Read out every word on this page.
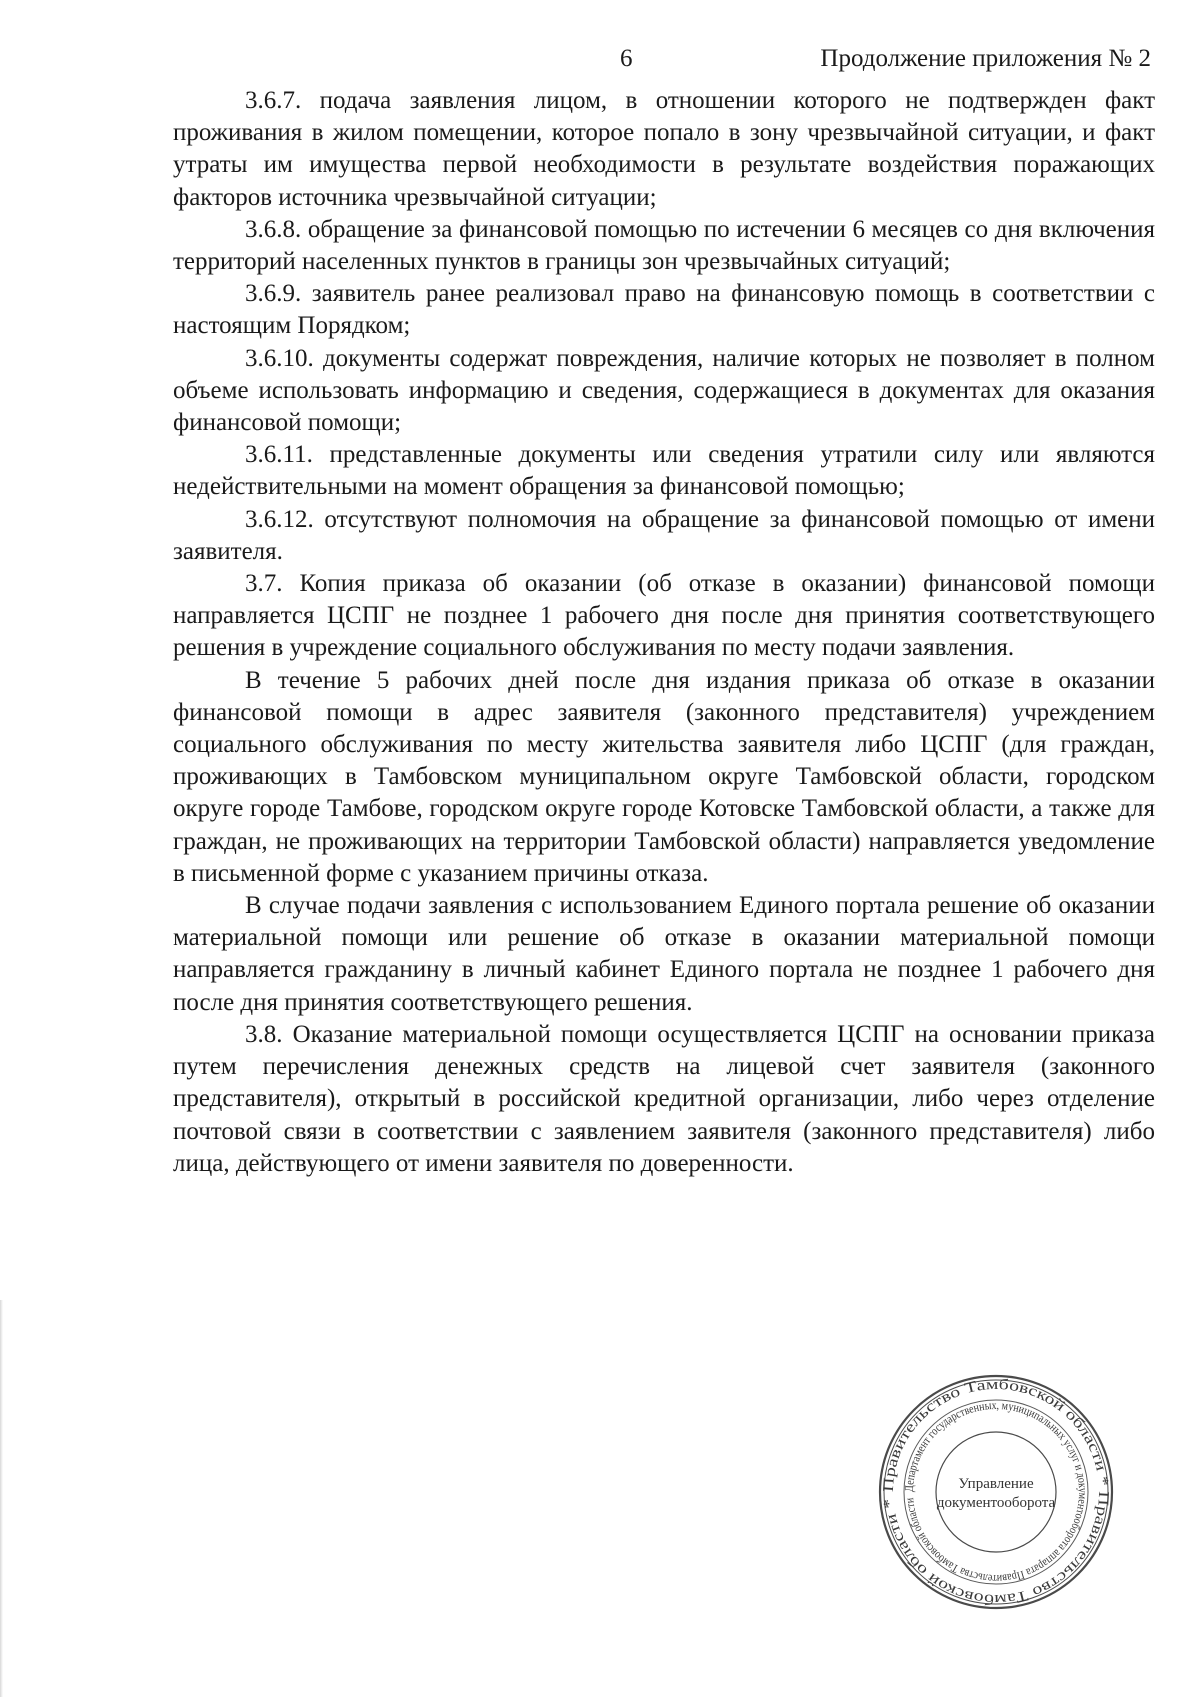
6	Продолжение приложения № 2

3.6.7. подача заявления лицом, в отношении которого не подтвержден факт проживания в жилом помещении, которое попало в зону чрезвычайной ситуации, и факт утраты им имущества первой необходимости в результате воздействия поражающих факторов источника чрезвычайной ситуации;

3.6.8. обращение за финансовой помощью по истечении 6 месяцев со дня включения территорий населенных пунктов в границы зон чрезвычайных ситуаций;

3.6.9. заявитель ранее реализовал право на финансовую помощь в соответствии с настоящим Порядком;

3.6.10. документы содержат повреждения, наличие которых не позволяет в полном объеме использовать информацию и сведения, содержащиеся в документах для оказания финансовой помощи;

3.6.11. представленные документы или сведения утратили силу или являются недействительными на момент обращения за финансовой помощью;

3.6.12. отсутствуют полномочия на обращение за финансовой помощью от имени заявителя.

3.7. Копия приказа об оказании (об отказе в оказании) финансовой помощи направляется ЦСПГ не позднее 1 рабочего дня после дня принятия соответствующего решения в учреждение социального обслуживания по месту подачи заявления.

В течение 5 рабочих дней после дня издания приказа об отказе в оказании финансовой помощи в адрес заявителя (законного представителя) учреждением социального обслуживания по месту жительства заявителя либо ЦСПГ (для граждан, проживающих в Тамбовском муниципальном округе Тамбовской области, городском округе городе Тамбове, городском округе городе Котовске Тамбовской области, а также для граждан, не проживающих на территории Тамбовской области) направляется уведомление в письменной форме с указанием причины отказа.

В случае подачи заявления с использованием Единого портала решение об оказании материальной помощи или решение об отказе в оказании материальной помощи направляется гражданину в личный кабинет Единого портала не позднее 1 рабочего дня после дня принятия соответствующего решения.

3.8. Оказание материальной помощи осуществляется ЦСПГ на основании приказа путем перечисления денежных средств на лицевой счет заявителя (законного представителя), открытый в российской кредитной организации, либо через отделение почтовой связи в соответствии с заявлением заявителя (законного представителя) либо лица, действующего от имени заявителя по доверенности.

Правительство Тамбовской области * Правительство Тамбовской области *
Департамент государственных, муниципальных услуг и документооборота аппарата Правительства Тамбовской области
Управление
документооборота
